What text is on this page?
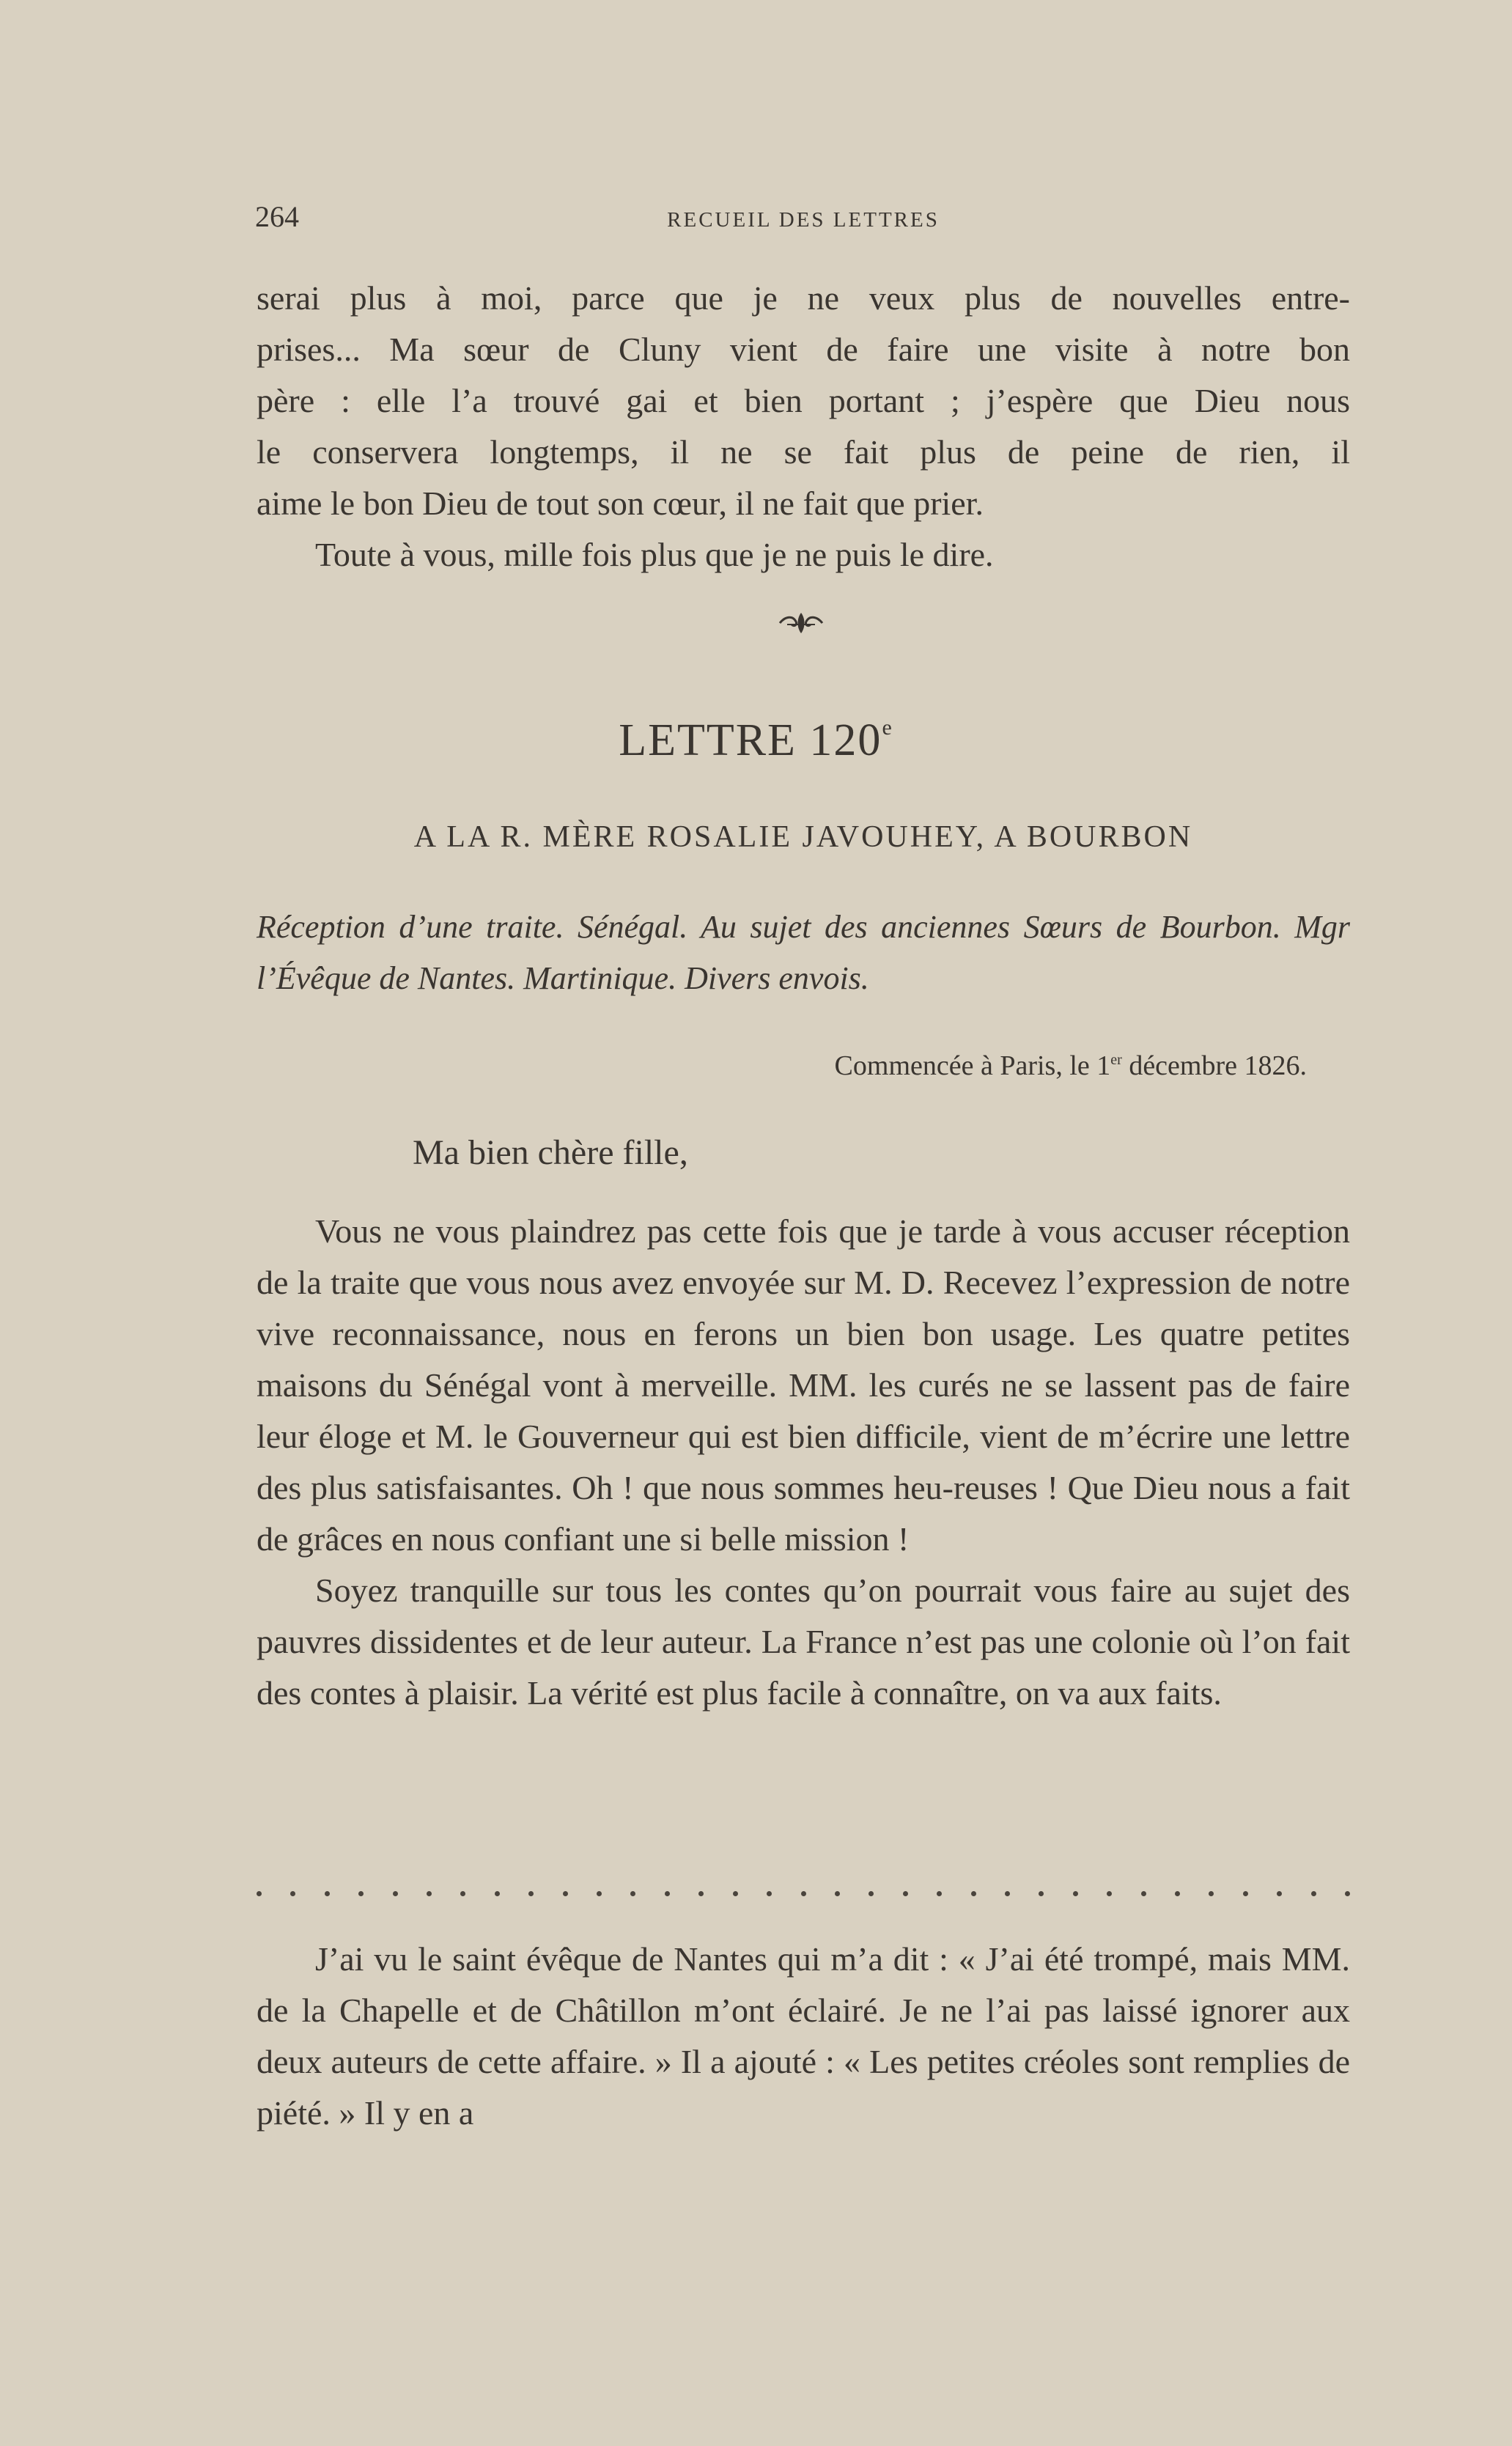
264	RECUEIL DES LETTRES

serai plus à moi, parce que je ne veux plus de nouvelles entre-

prises... Ma sœur de Cluny vient de faire une visite à notre bon

père : elle l’a trouvé gai et bien portant ; j’espère que Dieu nous

le conservera longtemps, il ne se fait plus de peine de rien, il

aime le bon Dieu de tout son cœur, il ne fait que prier.

Toute à vous, mille fois plus que je ne puis le dire.

LETTRE 120e
A LA R. MÈRE ROSALIE JAVOUHEY, A BOURBON
Réception d’une traite. Sénégal. Au sujet des anciennes Sœurs de Bourbon. Mgr l’Évêque de Nantes. Martinique. Divers envois.
Commencée à Paris, le 1er décembre 1826.
Ma bien chère fille,

Vous ne vous plaindrez pas cette fois que je tarde à vous accuser réception de la traite que vous nous avez envoyée sur M. D. Recevez l’expression de notre vive reconnaissance, nous en ferons un bien bon usage. Les quatre petites maisons du Sénégal vont à merveille. MM. les curés ne se lassent pas de faire leur éloge et M. le Gouverneur qui est bien difficile, vient de m’écrire une lettre des plus satisfaisantes. Oh ! que nous sommes heu-reuses ! Que Dieu nous a fait de grâces en nous confiant une si belle mission !

Soyez tranquille sur tous les contes qu’on pourrait vous faire au sujet des pauvres dissidentes et de leur auteur. La France n’est pas une colonie où l’on fait des contes à plaisir. La vérité est plus facile à connaître, on va aux faits.

J’ai vu le saint évêque de Nantes qui m’a dit : « J’ai été trompé, mais MM. de la Chapelle et de Châtillon m’ont éclairé. Je ne l’ai pas laissé ignorer aux deux auteurs de cette affaire. » Il a ajouté : « Les petites créoles sont remplies de piété. » Il y en a
